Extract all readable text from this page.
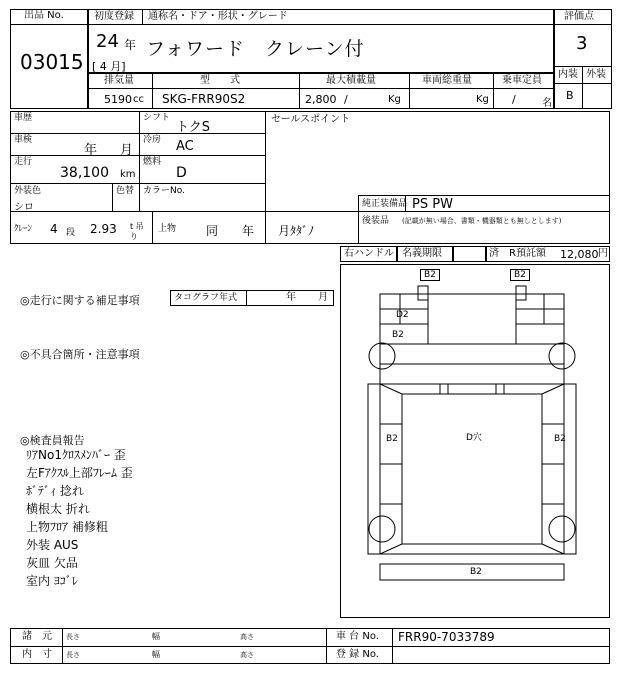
出品 No.
03015
初度登録 通称名・ドア・形状・グレード
24 年
[ 4 月]
フォワード　クレーン付
評価点
3
内装 外装
B
排気量	型　　式	最大積載量	車両総重量	乗車定員
5190 cc SKG-FRR90S2	2,800 /	Kg	Kg /	名
車歴	シフト
トクS
車検
年 月
冷房 AC
走行
38,100 km
燃料
D
外装色
シロ
色替 カラーNo.
セールスポイント
純正装備品 PS PW
後装品 (記載が無い場合、書類・機器類とも無しとします)
ｸﾚｰﾝ 4 段 2.93 t 吊り
上物 同　　年　　月 ﾀﾀﾞﾉ
右ハンドル 名義期限	済　R預託額 12,080 円
◎走行に関する補足事項	タコグラフ年式	年 月
◎不具合箇所・注意事項
◎検査員報告
ﾘｱNo1ｸﾛｽﾒﾝﾊﾞｰ 歪
左Fｱｸｽﾙ上部ﾌﾚｰﾑ 歪
ﾎﾞﾃﾞｨ 捻れ
横根太 折れ
上物ﾌﾛｱ 補修粗
外装 AUS
灰皿 欠品
室内 ﾖｺﾞﾚ
B2	B2
D2
B2
D穴
B2	B2
B2
諸　元
内　寸
長さ	幅	高さ
長さ	幅	高さ
車 台 No. FRR90-7033789
登 録 No.
